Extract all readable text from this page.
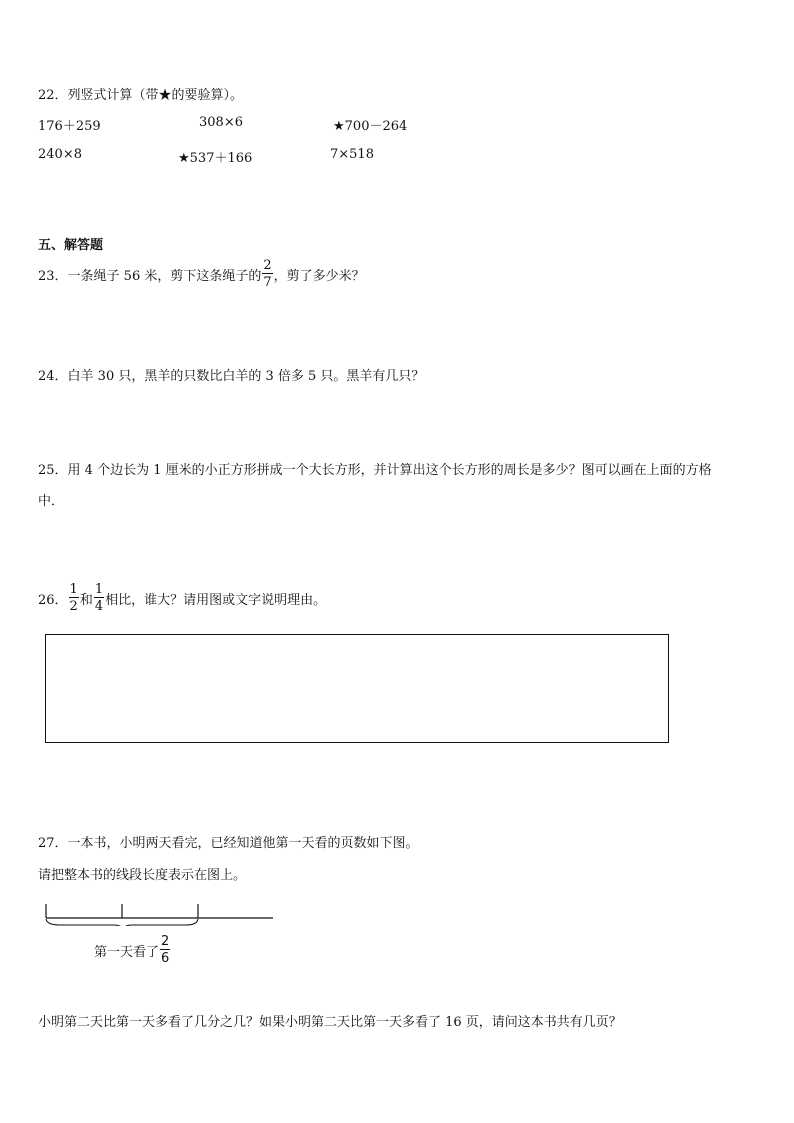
22．列竖式计算（带★的要验算）。
176＋259	308×6	★700－264
240×8	★537＋166	7×518
五、解答题
23．一条绳子 56 米，剪下这条绳子的 $\frac{2}{7}$ ，剪了多少米？
24．白羊 30 只，黑羊的只数比白羊的 3 倍多 5 只。黑羊有几只？
25．用 4 个边长为 1 厘米的小正方形拼成一个大长方形，并计算出这个长方形的周长是多少？图可以画在上面的方格
中．
26． $\frac{1}{2}$ 和 $\frac{1}{4}$ 相比，谁大？请用图或文字说明理由。
27．一本书，小明两天看完，已经知道他第一天看的页数如下图。
请把整本书的线段长度表示在图上。
第一天看了 $\frac{2}{6}$
小明第二天比第一天多看了几分之几？如果小明第二天比第一天多看了 16 页，请问这本书共有几页？
